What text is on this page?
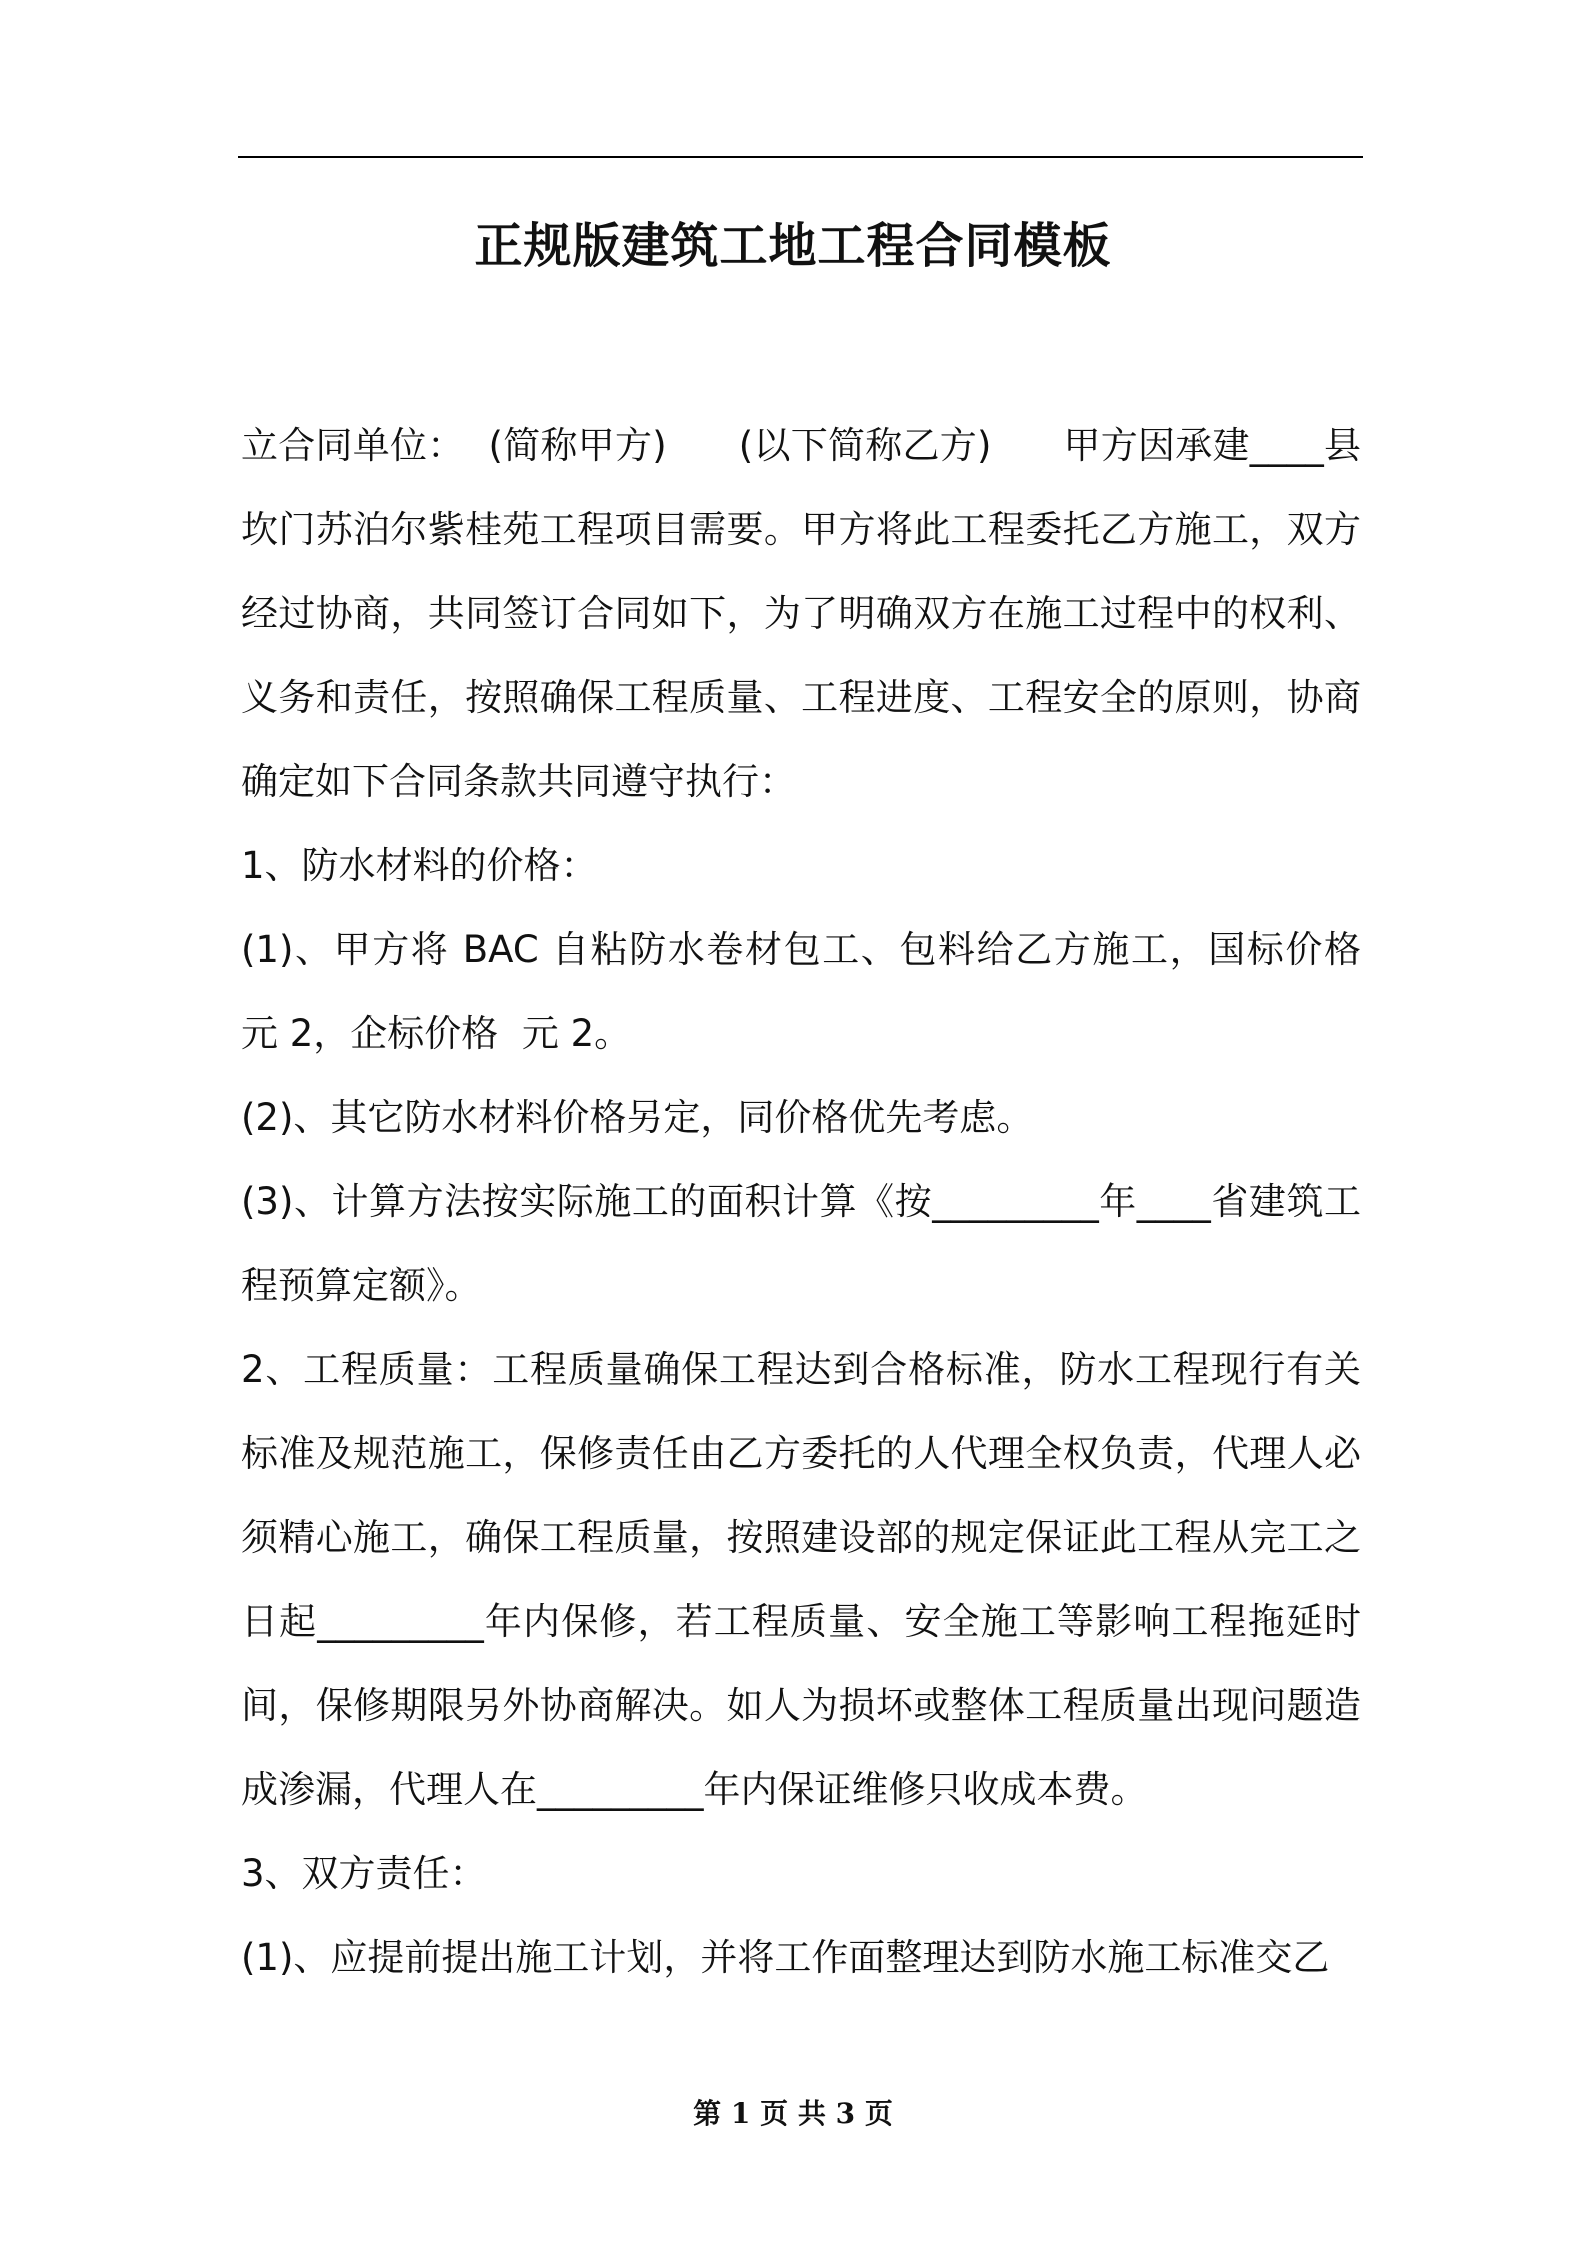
正规版建筑工地工程合同模板

立合同单位：  (简称甲方)      (以下简称乙方)      甲方因承建____县坎门苏泊尔紫桂苑工程项目需要。甲方将此工程委托乙方施工，双方经过协商，共同签订合同如下，为了明确双方在施工过程中的权利、义务和责任，按照确保工程质量、工程进度、工程安全的原则，协商确定如下合同条款共同遵守执行：

1、防水材料的价格：

(1)、甲方将 BAC 自粘防水卷材包工、包料给乙方施工，国标价格  元 2，企标价格  元 2。

(2)、其它防水材料价格另定，同价格优先考虑。

(3)、计算方法按实际施工的面积计算《按_________年____省建筑工程预算定额》。

2、工程质量：工程质量确保工程达到合格标准，防水工程现行有关标准及规范施工，保修责任由乙方委托的人代理全权负责，代理人必须精心施工，确保工程质量，按照建设部的规定保证此工程从完工之日起_________年内保修，若工程质量、安全施工等影响工程拖延时间，保修期限另外协商解决。如人为损坏或整体工程质量出现问题造成渗漏，代理人在_________年内保证维修只收成本费。

3、双方责任：

(1)、应提前提出施工计划，并将工作面整理达到防水施工标准交乙

第 1 页 共 3 页
